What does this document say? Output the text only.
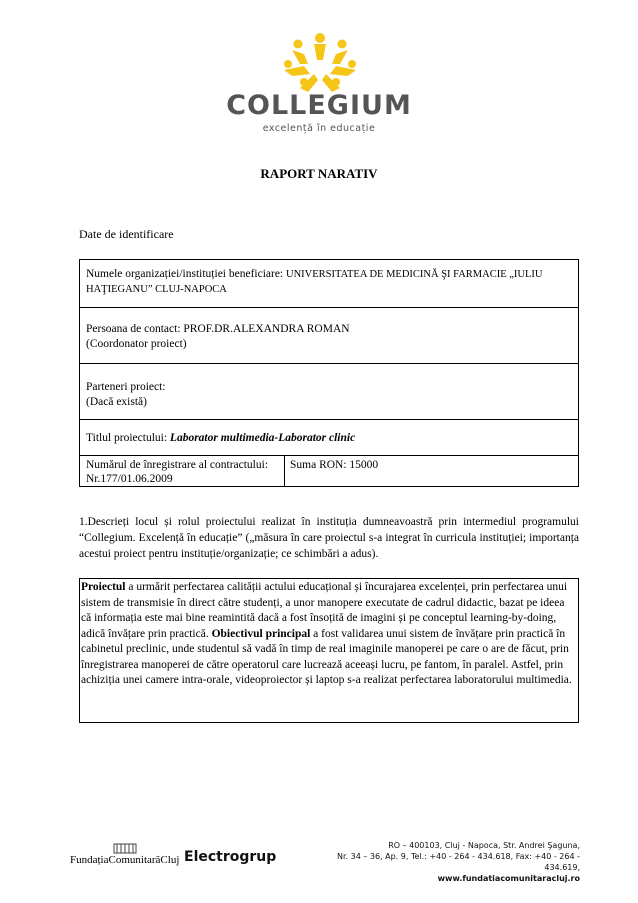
COLLEGIUM
excelență în educație
RAPORT NARATIV
Date de identificare
Numele organizației/instituției beneficiare: UNIVERSITATEA DE MEDICINĂ ŞI FARMACIE „IULIU
HAŢIEGANU” CLUJ-NAPOCA
Persoana de contact: PROF.DR.ALEXANDRA ROMAN
(Coordonator proiect)
Parteneri proiect:
(Dacă există)
Titlul proiectului: Laborator multimedia-Laborator clinic
Numărul de înregistrare al contractului:
Nr.177/01.06.2009
Suma RON: 15000
1.Descrieți locul și rolul proiectului realizat în instituția dumneavoastră prin intermediul programului “Collegium. Excelență în educație” („măsura în care proiectul s-a integrat în curricula instituției; importanța acestui proiect pentru instituție/organizație; ce schimbări a adus).
Proiectul a urmărit perfectarea calității actului educațional și încurajarea excelenței, prin perfectarea unui sistem de transmisie în direct către studenți, a unor manopere executate de cadrul didactic, bazat pe ideea că informația este mai bine reamintită dacă a fost însoțită de imagini și pe conceptul learning-by-doing, adică învățare prin practică. Obiectivul principal a fost validarea unui sistem de învățare prin practică în cabinetul preclinic, unde studentul să vadă în timp de real imaginile manoperei pe care o are de făcut, prin înregistrarea manoperei de către operatorul care lucrează aceeași lucru, pe fantom, în paralel. Astfel, prin achiziția unei camere intra-orale, videoproiector și laptop s-a realizat perfectarea laboratorului multimedia.
FundațiaComunitarăCluj Electrogrup
RO – 400103, Cluj - Napoca, Str. Andrei Şaguna,
Nr. 34 – 36, Ap. 9, Tel.: +40 - 264 - 434.618, Fax: +40 - 264 - 434.619,
www.fundatiacomunitaracluj.ro
